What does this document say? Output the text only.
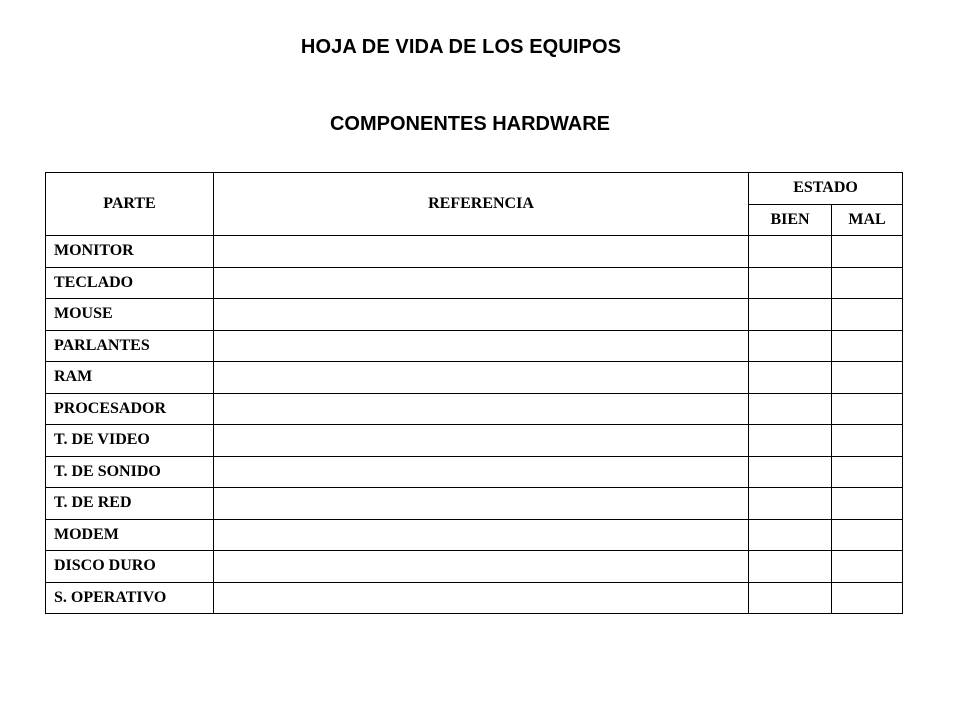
HOJA DE VIDA DE LOS EQUIPOS
COMPONENTES HARDWARE
PARTE	REFERENCIA	ESTADO	
		BIEN	MAL
MONITOR			
TECLADO			
MOUSE			
PARLANTES			
RAM			
PROCESADOR			
T. DE VIDEO			
T. DE SONIDO			
T. DE RED			
MODEM			
DISCO DURO			
S. OPERATIVO			
